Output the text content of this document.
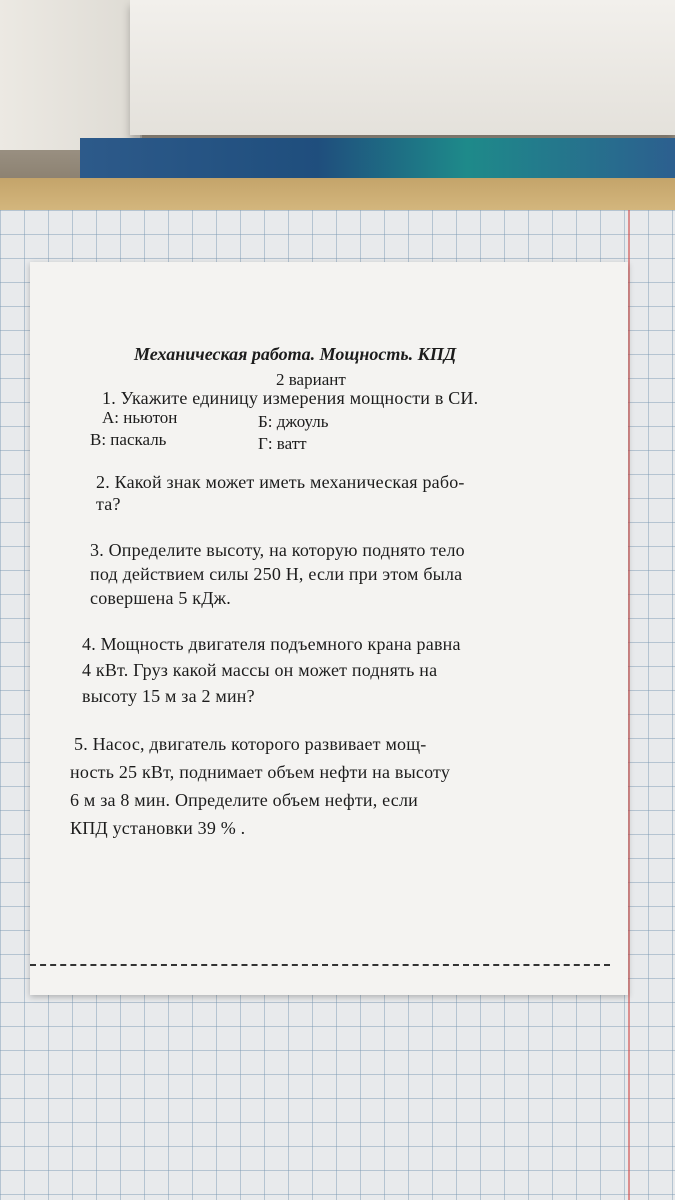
Механическая работа. Мощность. КПД
2 вариант
1. Укажите единицу измерения мощности в СИ.
А: ньютон	Б: джоуль
В: паскаль	Г: ватт
2. Какой знак может иметь механическая рабо-
та?
3. Определите высоту, на которую поднято тело
под действием силы 250 Н, если при этом была
совершена 5 кДж.
4. Мощность двигателя подъемного крана равна
4 кВт. Груз какой массы он может поднять на
высоту 15 м за 2 мин?
5. Насос, двигатель которого развивает мощ-
ность 25 кВт, поднимает объем нефти на высоту
6 м за 8 мин. Определите объем нефти, если
КПД установки 39 % .
